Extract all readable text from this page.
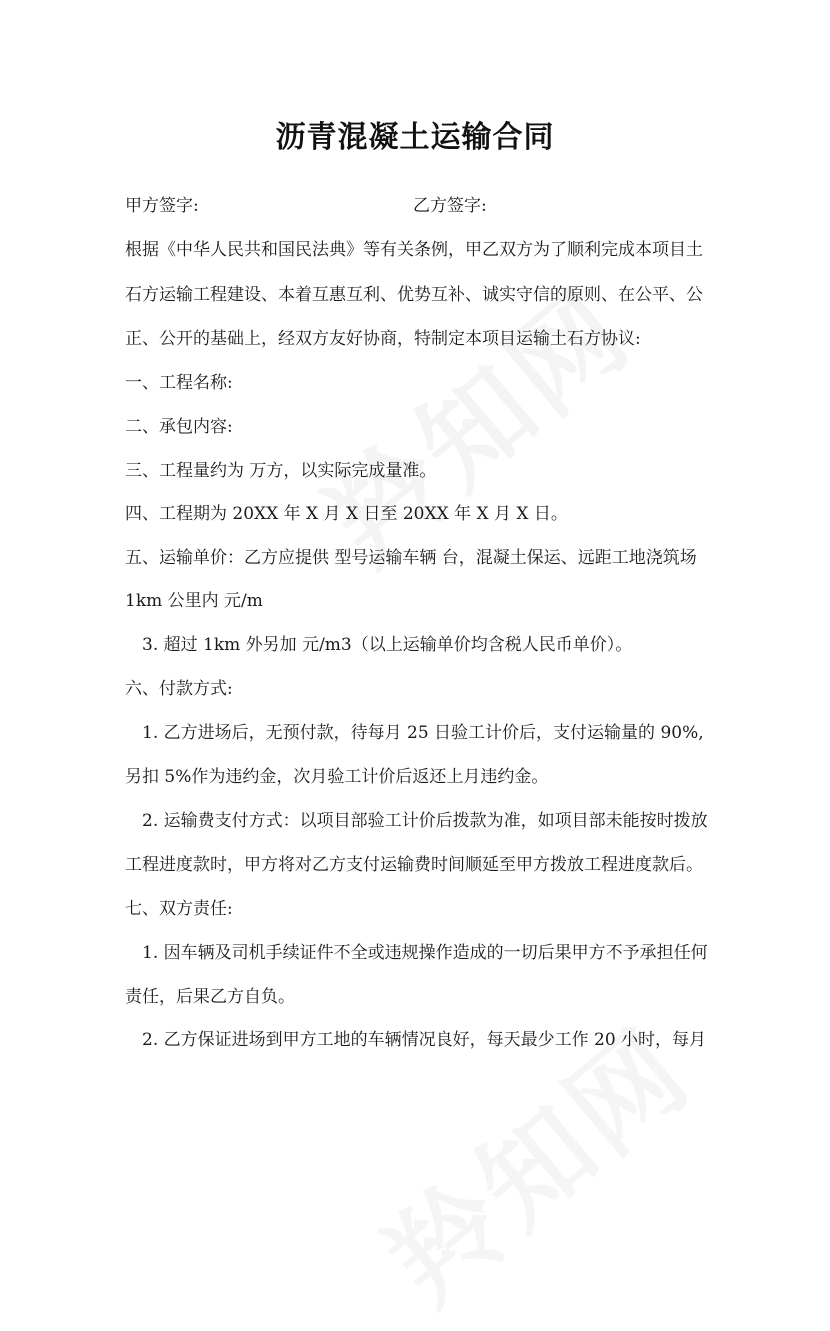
沥青混凝土运输合同
甲方签字:	乙方签字:
根据《中华人民共和国民法典》等有关条例，甲乙双方为了顺利完成本项目土
石方运输工程建设、本着互惠互利、优势互补、诚实守信的原则、在公平、公
正、公开的基础上，经双方友好协商，特制定本项目运输土石方协议:
一、工程名称:
二、承包内容:
三、工程量约为 万方，以实际完成量准。
四、工程期为 20XX 年 X 月 X 日至 20XX 年 X 月 X 日。
五、运输单价：乙方应提供 型号运输车辆 台，混凝土保运、远距工地浇筑场
1km 公里内 元/m
3. 超过 1km 外另加 元/m3（以上运输单价均含税人民币单价）。
六、付款方式:
1. 乙方进场后，无预付款，待每月 25 日验工计价后，支付运输量的 90%,
另扣 5%作为违约金，次月验工计价后返还上月违约金。
2. 运输费支付方式：以项目部验工计价后拨款为准，如项目部未能按时拨放
工程进度款时，甲方将对乙方支付运输费时间顺延至甲方拨放工程进度款后。
七、双方责任:
1. 因车辆及司机手续证件不全或违规操作造成的一切后果甲方不予承担任何
责任，后果乙方自负。
2. 乙方保证进场到甲方工地的车辆情况良好，每天最少工作 20 小时，每月
